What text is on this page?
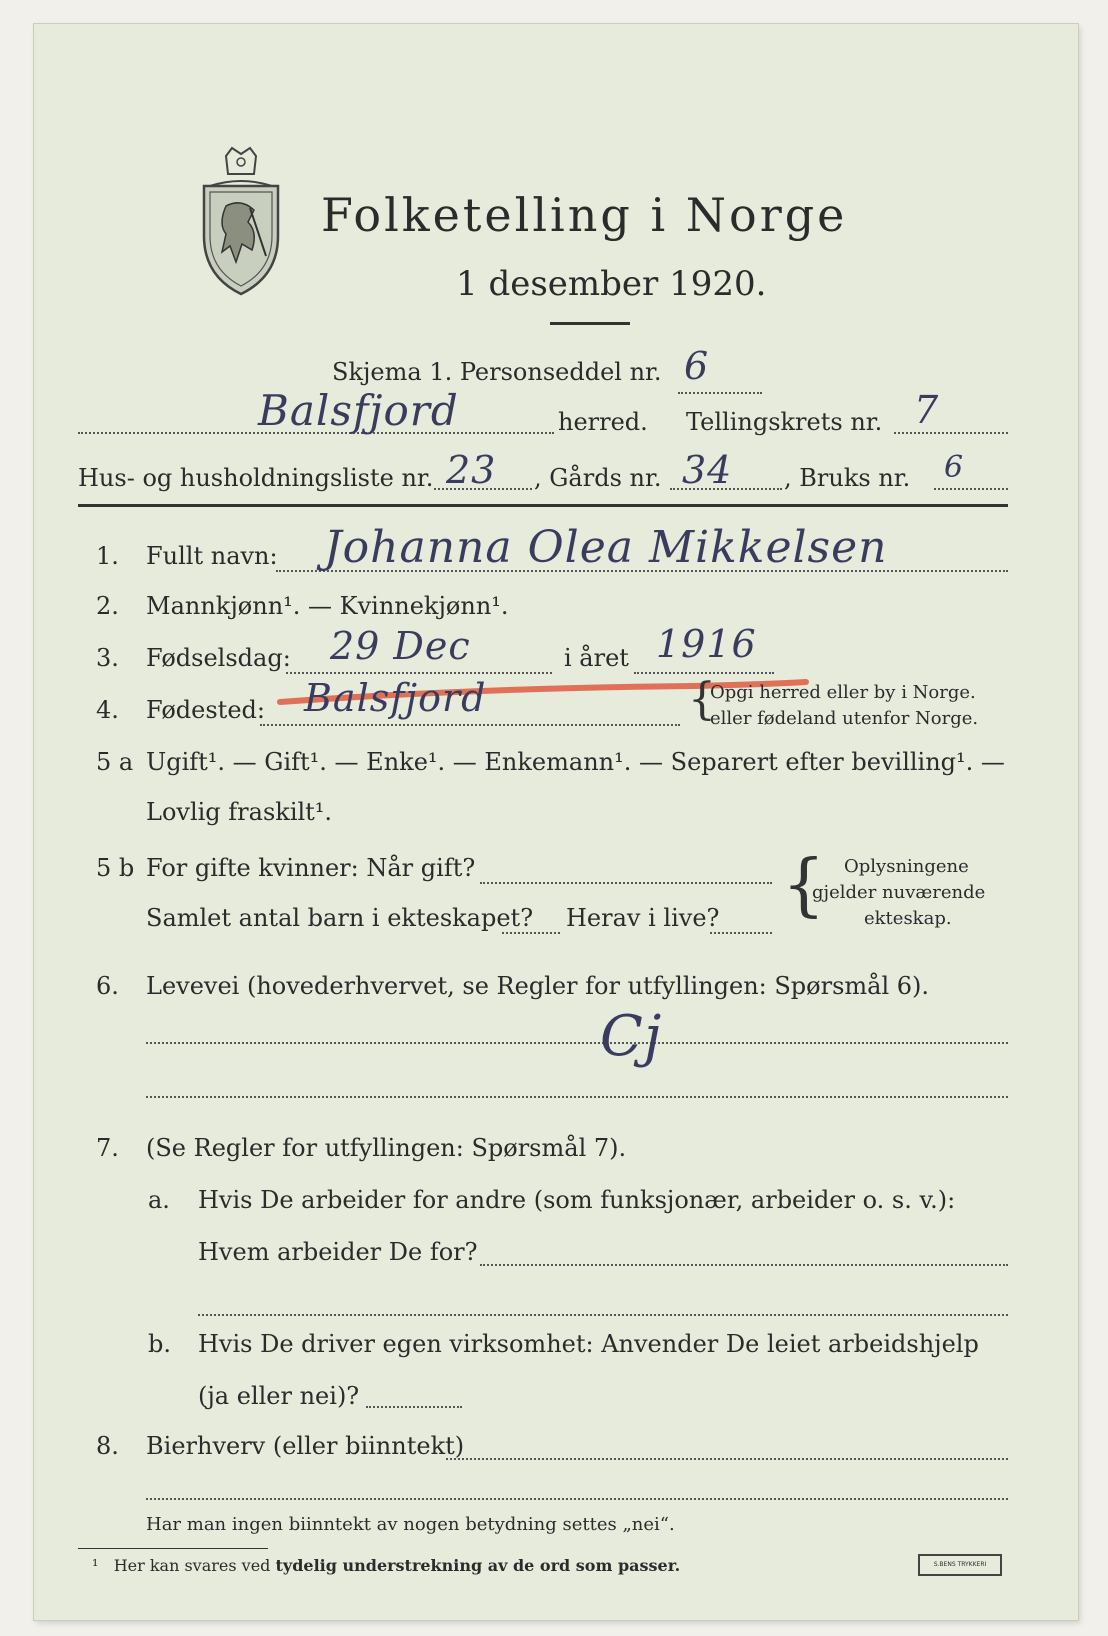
Folketelling i Norge
1 desember 1920.
Skjema 1. Personseddel nr. 6
Balsfjord	herred. Tellingskrets nr. 7
Hus- og husholdningsliste nr. 23 , Gårds nr. 34 , Bruks nr. 6
1. Fullt navn: Johanna Olea Mikkelsen
2. Mannkjønn¹. — Kvinnekjønn¹.
3. Fødselsdag: 29 Dec	i året 1916
4. Fødested: Balsfjord	{
Opgi herred eller by i Norge.
eller fødeland utenfor Norge.
5 a Ugift¹. — Gift¹. — Enke¹. — Enkemann¹. — Separert efter bevilling¹. —
Lovlig fraskilt¹.
5 b For gifte kvinner: Når gift?
Samlet antal barn i ekteskapet? Herav i live? { Oplysningene
gjelder nuværende
ekteskap.
6. Levevei (hovederhvervet, se Regler for utfyllingen: Spørsmål 6).
Cj
7. (Se Regler for utfyllingen: Spørsmål 7).
a. Hvis De arbeider for andre (som funksjonær, arbeider o. s. v.):
Hvem arbeider De for?
b. Hvis De driver egen virksomhet: Anvender De leiet arbeidshjelp
(ja eller nei)?
8. Bierhverv (eller biinntekt)
Har man ingen biinntekt av nogen betydning settes „nei“.
¹ Her kan svares ved tydelig understrekning av de ord som passer.	S.BENS TRYKKERI
